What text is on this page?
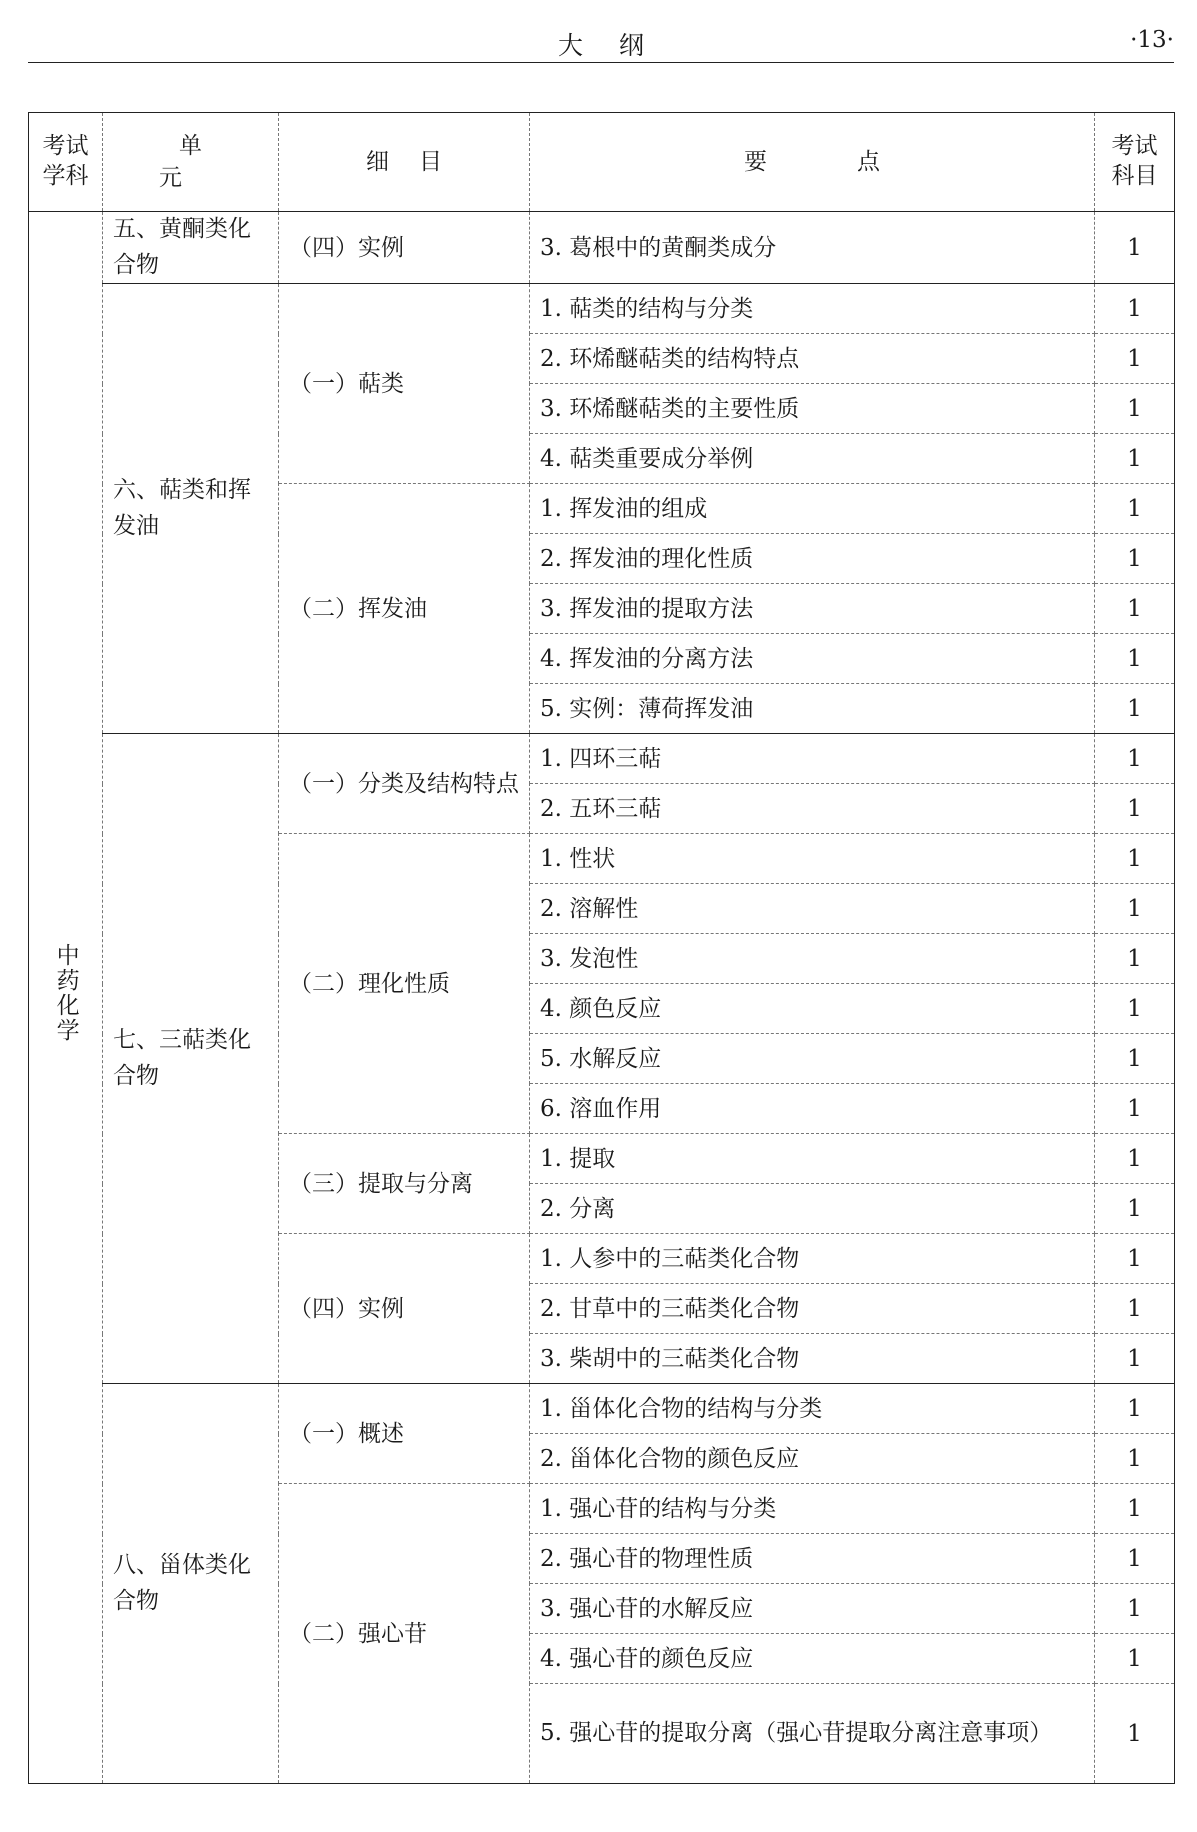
大纲	·13·
考试学科	单元	细目	要点	考试科目
中药化学	五、黄酮类化合物	（四）实例	3. 葛根中的黄酮类成分	1
	六、萜类和挥发油	（一）萜类	1. 萜类的结构与分类	1
			2. 环烯醚萜类的结构特点	1
			3. 环烯醚萜类的主要性质	1
			4. 萜类重要成分举例	1
		（二）挥发油	1. 挥发油的组成	1
			2. 挥发油的理化性质	1
			3. 挥发油的提取方法	1
			4. 挥发油的分离方法	1
			5. 实例：薄荷挥发油	1
	七、三萜类化合物	（一）分类及结构特点	1. 四环三萜	1
			2. 五环三萜	1
		（二）理化性质	1. 性状	1
			2. 溶解性	1
			3. 发泡性	1
			4. 颜色反应	1
			5. 水解反应	1
			6. 溶血作用	1
		（三）提取与分离	1. 提取	1
			2. 分离	1
		（四）实例	1. 人参中的三萜类化合物	1
			2. 甘草中的三萜类化合物	1
			3. 柴胡中的三萜类化合物	1
	八、甾体类化合物	（一）概述	1. 甾体化合物的结构与分类	1
			2. 甾体化合物的颜色反应	1
		（二）强心苷	1. 强心苷的结构与分类	1
			2. 强心苷的物理性质	1
			3. 强心苷的水解反应	1
			4. 强心苷的颜色反应	1
			5. 强心苷的提取分离（强心苷提取分离注意事项）	1
